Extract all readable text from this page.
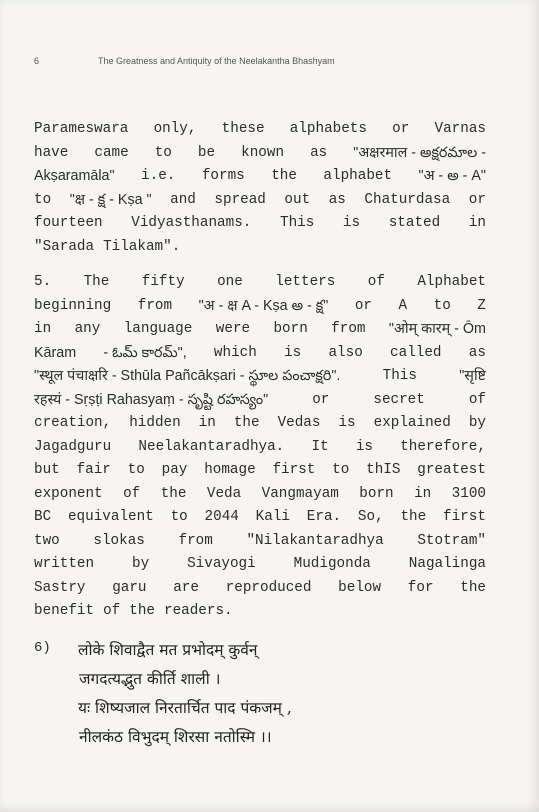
6	The Greatness and Antiquity of the Neelakantha Bhashyam
Parameswara only, these alphabets or Varnas
have came to be known as "अक्षरमाल - అక్షరమాల -
Akṣaramāla" i.e. forms the alphabet "अ - అ - A"
to "क्ष - క్ష - Kṣa " and spread out as Chaturdasa or
fourteen Vidyasthanams. This is stated in
"Sarada Tilakam".
5. The fifty one letters of Alphabet
beginning from "अ - क्ष A - Kṣa అ - క్ష" or A to Z
in any language were born from "ओम् कारम् - Ōm
Kāram - ఓమ్ కారమ్", which is also called as
"स्थूल पंचाक्षरि - Sthūla Pañcākṣari - స్థూల పంచాక్షరి".	This	"सृष्टि
रहस्यं - Sṛṣṭi Rahasyaṃ - సృష్టి రహస్యం"	or	secret	of
creation, hidden in the Vedas is explained by
Jagadguru Neelakantaradhya. It is therefore,
but fair to pay homage first to thIS greatest
exponent of the Veda Vangmayam born in 3100
BC equivalent to 2044 Kali Era. So, the first
two slokas from "Nilakantaradhya Stotram"
written	by	Sivayogi	Mudigonda	Nagalinga
Sastry garu are reproduced below for the
benefit of the readers.
6) लोके शिवाद्वैत मत प्रभोदम् कुर्वन्
जगदत्यद्भुत कीर्ति शाली ।
यः शिष्यजाल निरतार्चित पाद पंकजम् ,
नीलकंठ विभुदम् शिरसा नतोस्मि ।।
